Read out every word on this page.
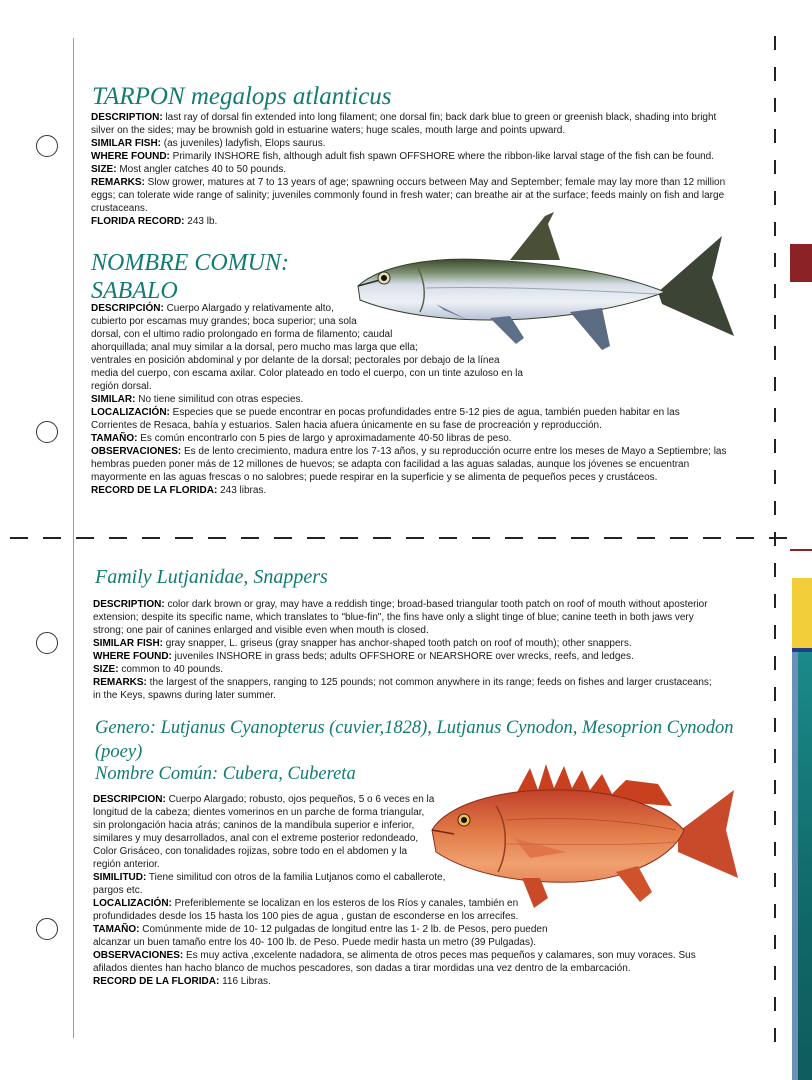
TARPON megalops atlanticus

DESCRIPTION: last ray of dorsal fin extended into long filament; one dorsal fin; back dark blue to green or greenish black, shading into bright silver on the sides; may be brownish gold in estuarine waters; huge scales, mouth large and points upward.

SIMILAR FISH: (as juveniles) ladyfish, Elops saurus.

WHERE FOUND: Primarily INSHORE fish, although adult fish spawn OFFSHORE where the ribbon-like larval stage of the fish can be found.

SIZE: Most angler catches 40 to 50 pounds.

REMARKS: Slow grower, matures at 7 to 13 years of age; spawning occurs between May and September; female may lay more than 12 million eggs; can tolerate wide range of salinity; juveniles commonly found in fresh water; can breathe air at the surface; feeds mainly on fish and large crustaceans.

FLORIDA RECORD: 243 lb.

NOMBRE COMUN:
SABALO

DESCRIPCIÓN: Cuerpo Alargado y relativamente alto,

cubierto por escamas muy grandes; boca superior; una sola

dorsal, con el ultimo radio prolongado en forma de filamento; caudal

ahorquillada; anal muy similar a la dorsal, pero mucho mas larga que ella;

ventrales en posición abdominal y por delante de la dorsal; pectorales por debajo de la línea

media del cuerpo, con escama axilar. Color plateado en todo el cuerpo, con un tinte azuloso en la

región dorsal.

SIMILAR: No tiene similitud con otras especies.

LOCALIZACIÓN: Especies que se puede encontrar en pocas profundidades entre 5-12 pies de agua, también pueden habitar en las Corrientes de Resaca, bahía y estuarios. Salen hacia afuera únicamente en su fase de procreación y reproducción.

TAMAÑO: Es común encontrarlo con 5 pies de largo y aproximadamente 40-50 libras de peso.

OBSERVACIONES: Es de lento crecimiento, madura entre los 7-13 años, y su reproducción ocurre entre los meses de Mayo a Septiembre; las hembras pueden poner más de 12 millones de huevos; se adapta con facilidad a las aguas saladas, aunque los jóvenes se encuentran mayormente en las aguas frescas o no salobres; puede respirar en la superficie y se alimenta de pequeños peces y crustáceos.

RECORD DE LA FLORIDA: 243 libras.

Family Lutjanidae, Snappers

DESCRIPTION: color dark brown or gray, may have a reddish tinge; broad-based triangular tooth patch on roof of mouth without aposterior extension; despite its specific name, which translates to "blue-fin", the fins have only a slight tinge of blue; canine teeth in both jaws very strong; one pair of canines enlarged and visible even when mouth is closed.

SIMILAR FISH: gray snapper, L. griseus (gray snapper has anchor-shaped tooth patch on roof of mouth); other snappers.

WHERE FOUND: juveniles INSHORE in grass beds; adults OFFSHORE or NEARSHORE over wrecks, reefs, and ledges.

SIZE: common to 40 pounds.

REMARKS: the largest of the snappers, ranging to 125 pounds; not common anywhere in its range; feeds on fishes and larger crustaceans; in the Keys, spawns during later summer.

Genero: Lutjanus Cyanopterus (cuvier,1828), Lutjanus Cynodon, Mesoprion Cynodon (poey)
Nombre Común: Cubera, Cubereta

DESCRIPCION: Cuerpo Alargado; robusto, ojos pequeños, 5 o 6 veces en la

longitud de la cabeza; dientes vomerinos en un parche de forma triangular,

sin prolongación hacia atrás; caninos de la mandíbula superior e inferior,

similares y muy desarrollados, anal con el extreme posterior redondeado,

Color Grisáceo, con tonalidades rojizas, sobre todo en el abdomen y la

región anterior.

SIMILITUD: Tiene similitud con otros de la familia Lutjanos como el caballerote,

pargos etc.

LOCALIZACIÓN: Preferiblemente se localizan en los esteros de los Ríos y canales, también en

profundidades desde los 15 hasta los 100 pies de agua , gustan de esconderse en los arrecifes.

TAMAÑO: Comúnmente mide de 10- 12 pulgadas de longitud entre las 1- 2 lb. de Pesos, pero pueden

alcanzar un buen tamaño entre los 40- 100 lb. de Peso. Puede medir hasta un metro (39 Pulgadas).

OBSERVACIONES: Es muy activa ,excelente nadadora, se alimenta de otros peces mas pequeños y calamares, son muy voraces. Sus afilados dientes han hacho blanco de muchos pescadores, son dadas a tirar mordidas una vez dentro de la embarcación.

RECORD DE LA FLORIDA: 116 Libras.
